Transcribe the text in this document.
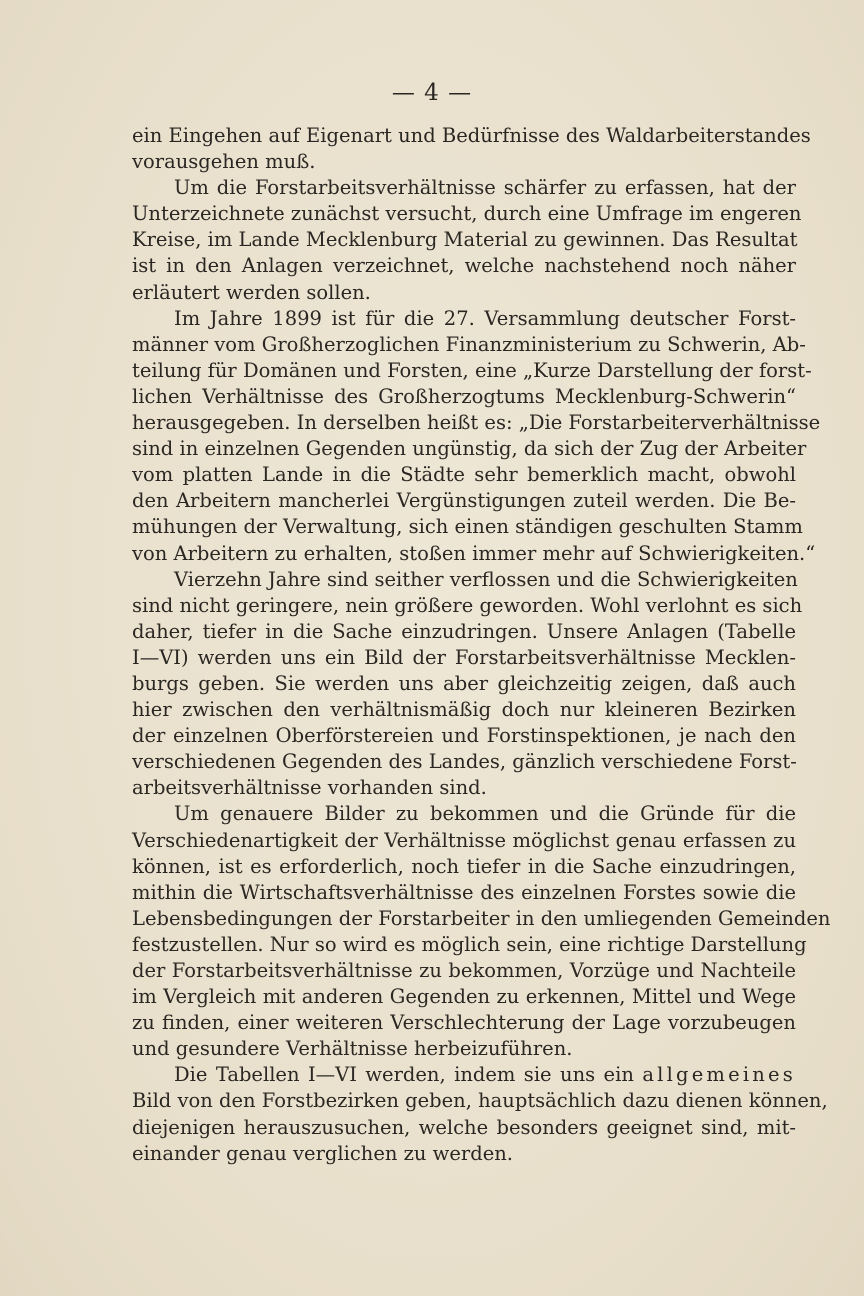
— 4 —
ein Eingehen auf Eigenart und Bedürfnisse des Waldarbeiterstandes
vorausgehen muß.
Um die Forstarbeitsverhältnisse schärfer zu erfassen, hat der
Unterzeichnete zunächst versucht, durch eine Umfrage im engeren
Kreise, im Lande Mecklenburg Material zu gewinnen. Das Resultat
ist in den Anlagen verzeichnet, welche nachstehend noch näher
erläutert werden sollen.
Im Jahre 1899 ist für die 27. Versammlung deutscher Forst-
männer vom Großherzoglichen Finanzministerium zu Schwerin, Ab-
teilung für Domänen und Forsten, eine „Kurze Darstellung der forst-
lichen Verhältnisse des Großherzogtums Mecklenburg-Schwerin“
herausgegeben. In derselben heißt es: „Die Forstarbeiterverhältnisse
sind in einzelnen Gegenden ungünstig, da sich der Zug der Arbeiter
vom platten Lande in die Städte sehr bemerklich macht, obwohl
den Arbeitern mancherlei Vergünstigungen zuteil werden. Die Be-
mühungen der Verwaltung, sich einen ständigen geschulten Stamm
von Arbeitern zu erhalten, stoßen immer mehr auf Schwierigkeiten.“
Vierzehn Jahre sind seither verflossen und die Schwierigkeiten
sind nicht geringere, nein größere geworden. Wohl verlohnt es sich
daher, tiefer in die Sache einzudringen. Unsere Anlagen (Tabelle
I—VI) werden uns ein Bild der Forstarbeitsverhältnisse Mecklen-
burgs geben. Sie werden uns aber gleichzeitig zeigen, daß auch
hier zwischen den verhältnismäßig doch nur kleineren Bezirken
der einzelnen Oberförstereien und Forstinspektionen, je nach den
verschiedenen Gegenden des Landes, gänzlich verschiedene Forst-
arbeitsverhältnisse vorhanden sind.
Um genauere Bilder zu bekommen und die Gründe für die
Verschiedenartigkeit der Verhältnisse möglichst genau erfassen zu
können, ist es erforderlich, noch tiefer in die Sache einzudringen,
mithin die Wirtschaftsverhältnisse des einzelnen Forstes sowie die
Lebensbedingungen der Forstarbeiter in den umliegenden Gemeinden
festzustellen. Nur so wird es möglich sein, eine richtige Darstellung
der Forstarbeitsverhältnisse zu bekommen, Vorzüge und Nachteile
im Vergleich mit anderen Gegenden zu erkennen, Mittel und Wege
zu finden, einer weiteren Verschlechterung der Lage vorzubeugen
und gesundere Verhältnisse herbeizuführen.
Die Tabellen I—VI werden, indem sie uns ein allgemeines
Bild von den Forstbezirken geben, hauptsächlich dazu dienen können,
diejenigen herauszusuchen, welche besonders geeignet sind, mit-
einander genau verglichen zu werden.
